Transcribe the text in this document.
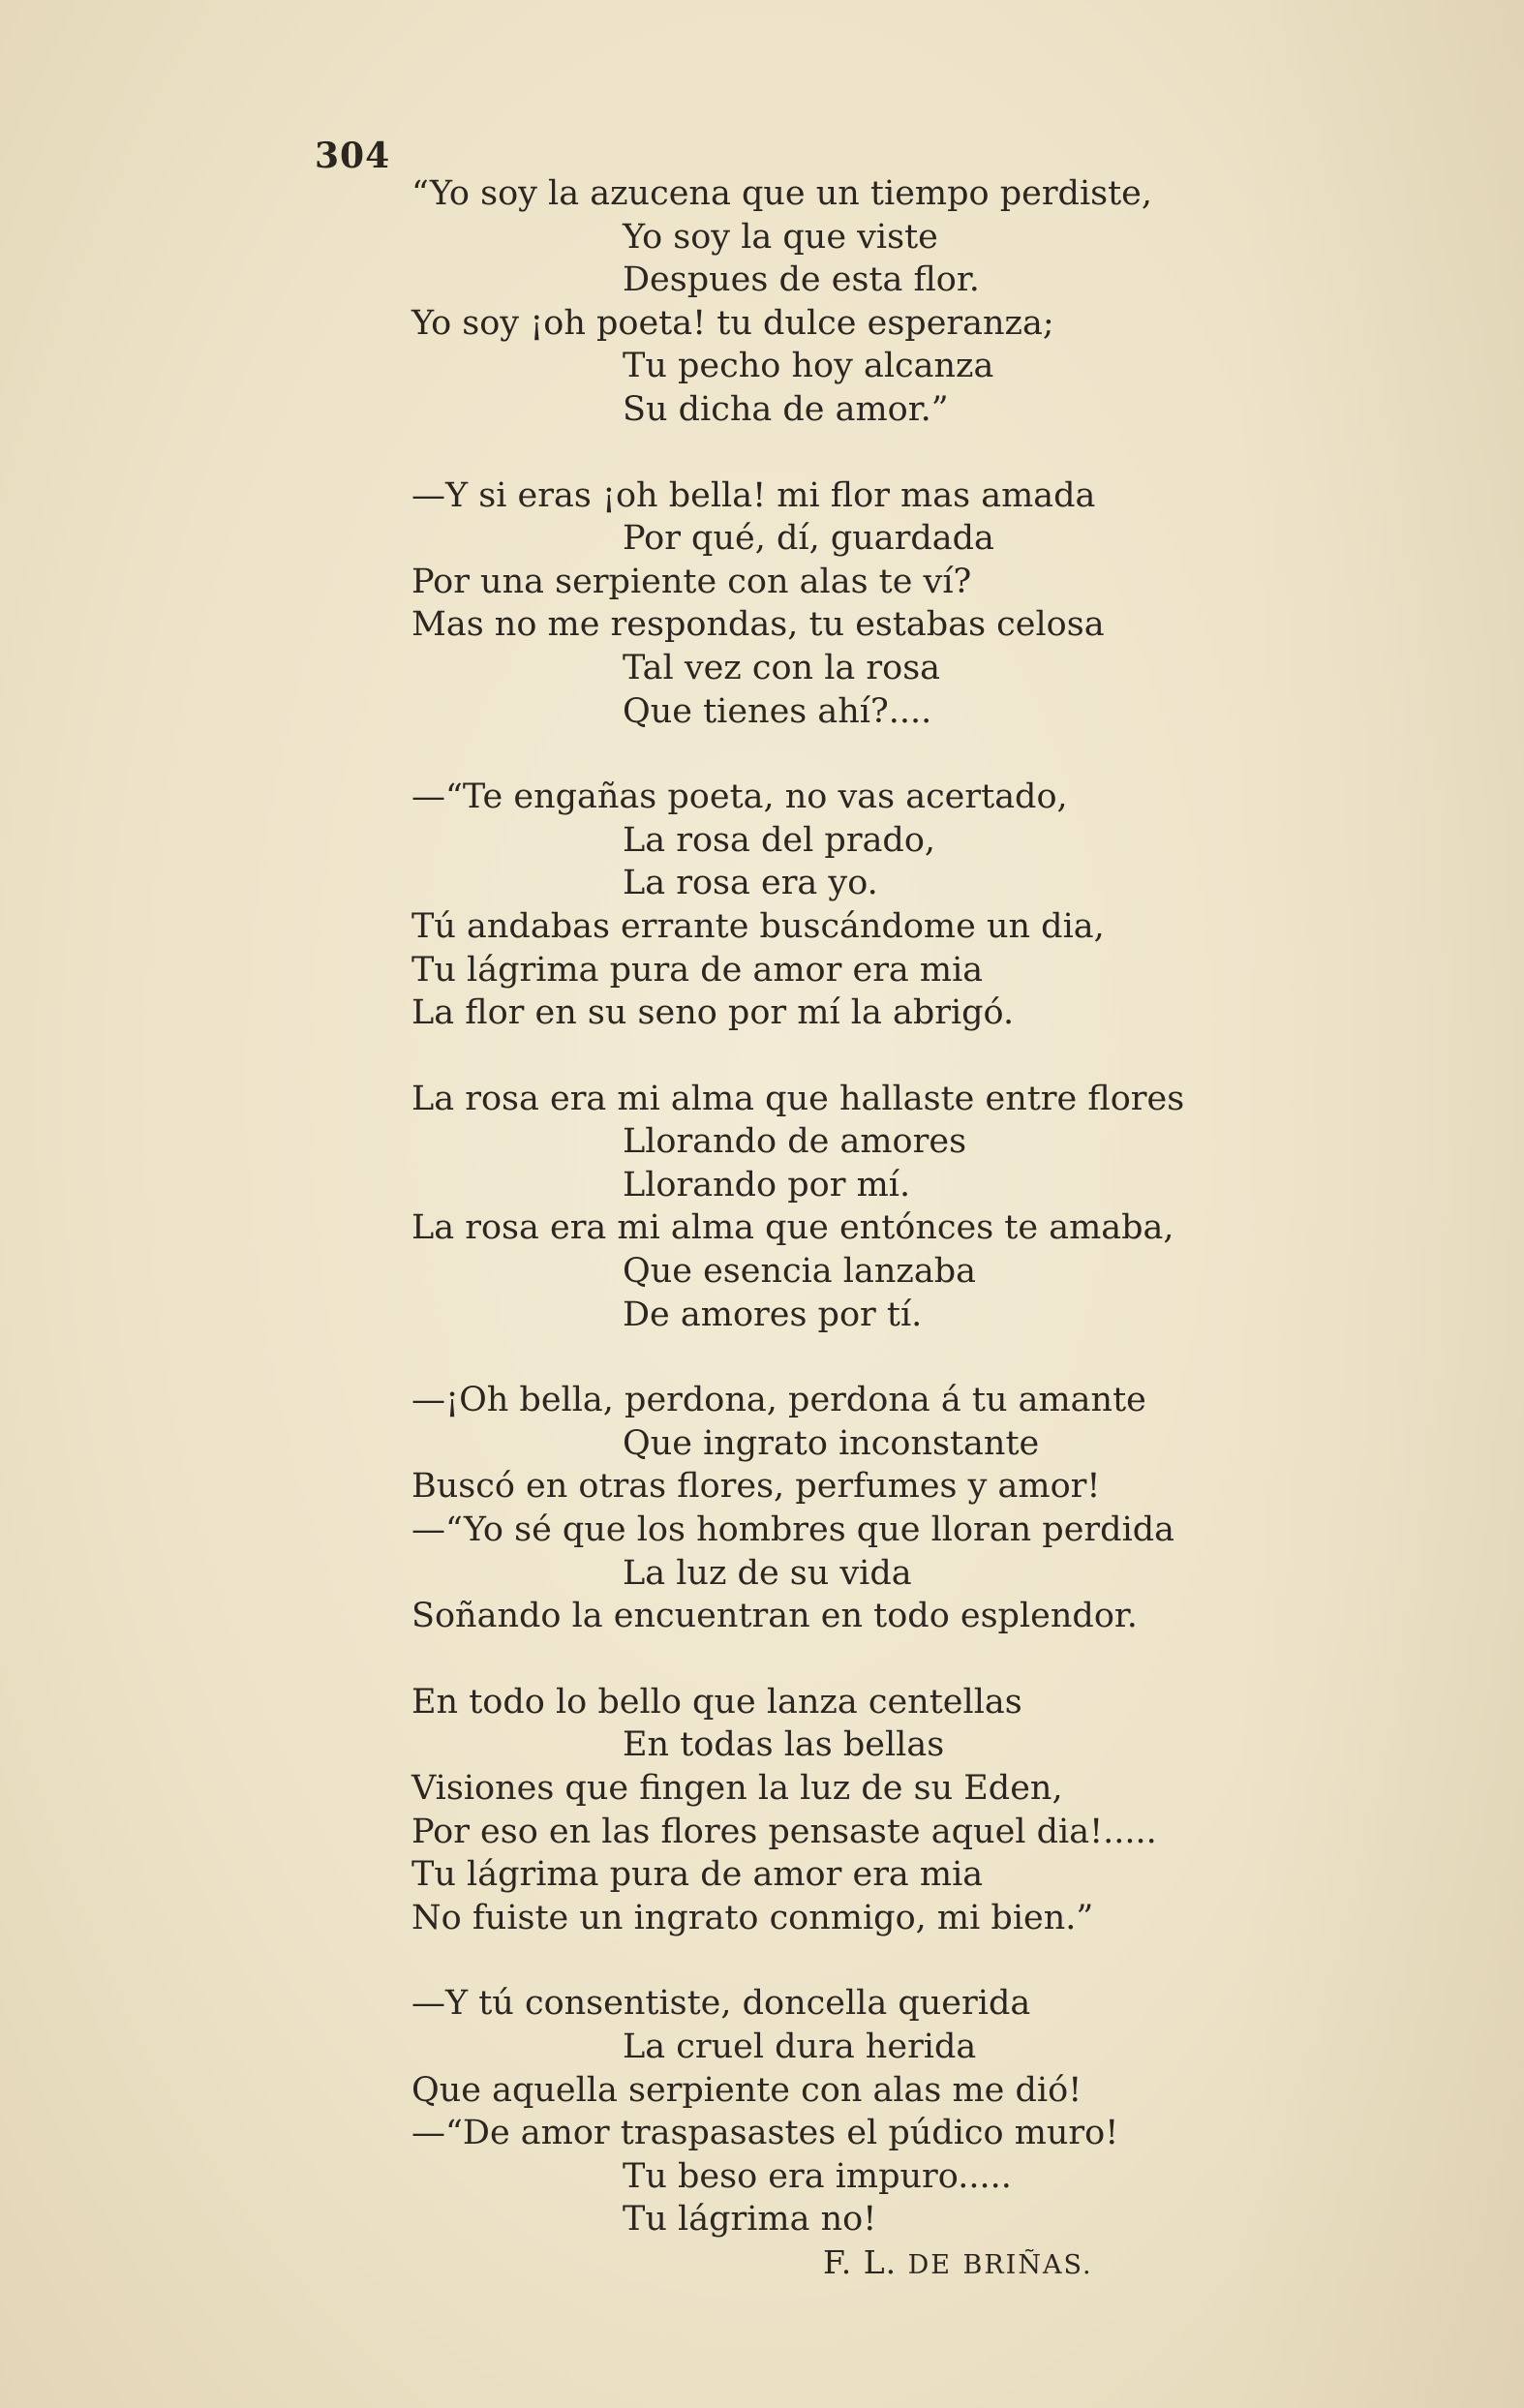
304
“Yo soy la azucena que un tiempo perdiste,
Yo soy la que viste
Despues de esta flor.
Yo soy ¡oh poeta! tu dulce esperanza;
Tu pecho hoy alcanza
Su dicha de amor.”
—Y si eras ¡oh bella! mi flor mas amada
Por qué, dí, guardada
Por una serpiente con alas te ví?
Mas no me respondas, tu estabas celosa
Tal vez con la rosa
Que tienes ahí?....
—“Te engañas poeta, no vas acertado,
La rosa del prado,
La rosa era yo.
Tú andabas errante buscándome un dia,
Tu lágrima pura de amor era mia
La flor en su seno por mí la abrigó.
La rosa era mi alma que hallaste entre flores
Llorando de amores
Llorando por mí.
La rosa era mi alma que entónces te amaba,
Que esencia lanzaba
De amores por tí.
—¡Oh bella, perdona, perdona á tu amante
Que ingrato inconstante
Buscó en otras flores, perfumes y amor!
—“Yo sé que los hombres que lloran perdida
La luz de su vida
Soñando la encuentran en todo esplendor.
En todo lo bello que lanza centellas
En todas las bellas
Visiones que fingen la luz de su Eden,
Por eso en las flores pensaste aquel dia!.....
Tu lágrima pura de amor era mia
No fuiste un ingrato conmigo, mi bien.”
—Y tú consentiste, doncella querida
La cruel dura herida
Que aquella serpiente con alas me dió!
—“De amor traspasastes el púdico muro!
Tu beso era impuro.....
Tu lágrima no!
F. L. DE BRIÑAS.
